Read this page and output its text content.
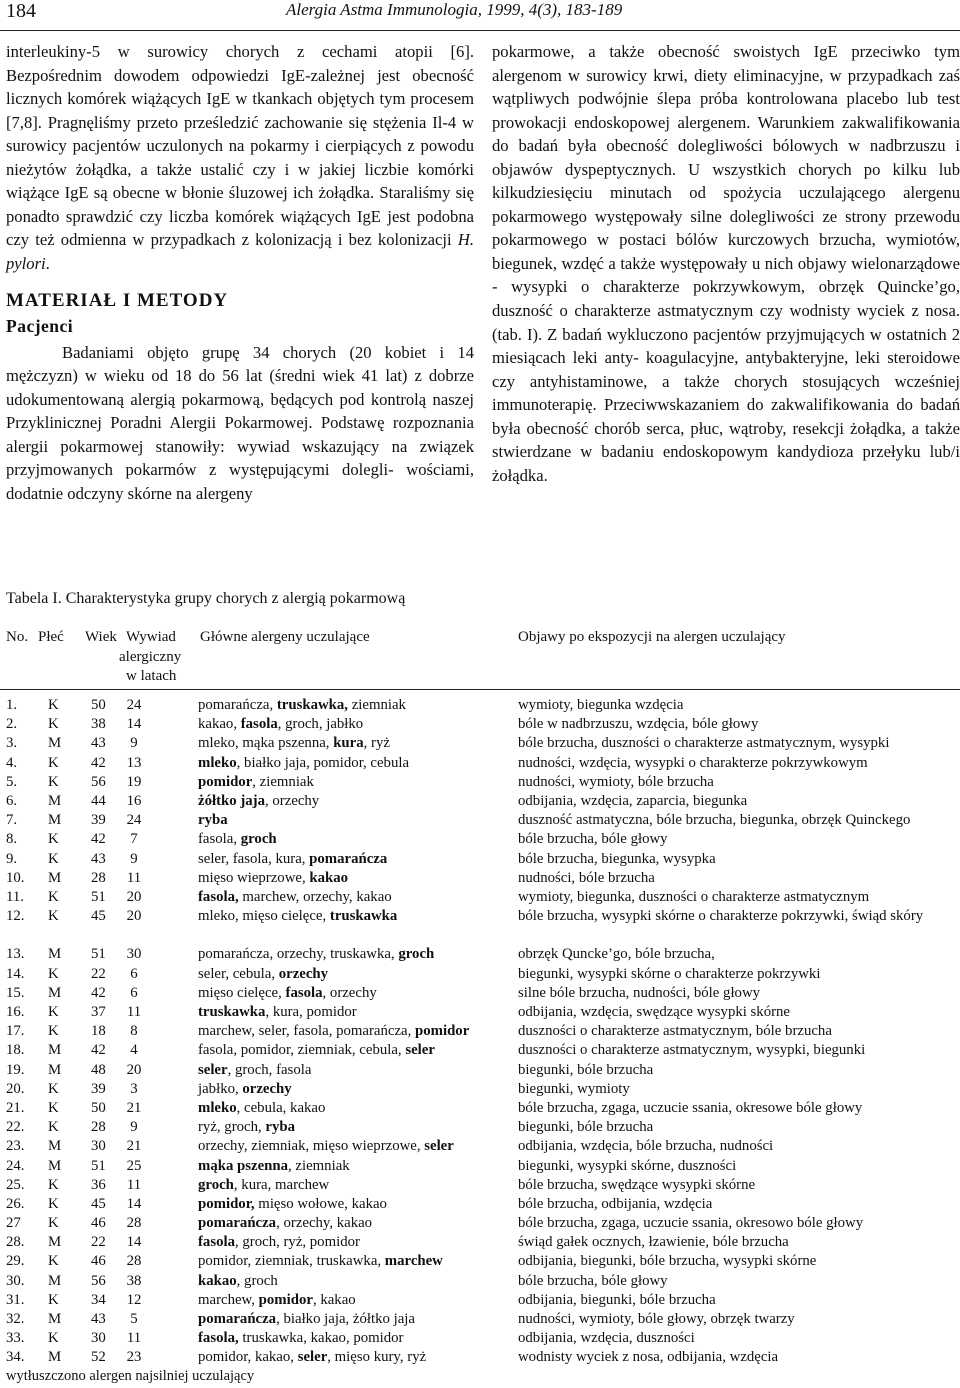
184	Alergia Astma Immunologia, 1999, 4(3), 183-189

interleukiny-5 w surowicy chorych z cechami atopii [6]. Bezpośrednim dowodem odpowiedzi IgE-zależnej jest obecność licznych komórek wiążących IgE w tkankach objętych tym procesem [7,8]. Pragnęliśmy przeto prześledzić zachowanie się stężenia Il-4 w surowicy pacjentów uczulonych na pokarmy i cierpiących z powodu nieżytów żołądka, a także ustalić czy i w jakiej liczbie komórki wiążące IgE są obecne w błonie śluzowej ich żołądka. Staraliśmy się ponadto sprawdzić czy liczba komórek wiążących IgE jest podobna czy też odmienna w przypadkach z kolonizacją i bez kolonizacji H. pylori.

MATERIAŁ I METODY

Pacjenci

Badaniami objęto grupę 34 chorych (20 kobiet i 14 mężczyzn) w wieku od 18 do 56 lat (średni wiek 41 lat) z dobrze udokumentowaną alergią pokarmową, będących pod kontrolą naszej Przyklinicznej Poradni Alergii Pokarmowej. Podstawę rozpoznania alergii pokarmowej stanowiły: wywiad wskazujący na związek przyjmowanych pokarmów z występującymi dolegli- wościami, dodatnie odczyny skórne na alergeny

pokarmowe, a także obecność swoistych IgE przeciwko tym alergenom w surowicy krwi, diety eliminacyjne, w przypadkach zaś wątpliwych podwójnie ślepa próba kontrolowana placebo lub test prowokacji endoskopowej alergenem. Warunkiem zakwalifikowania do badań była obecność dolegliwości bólowych w nadbrzuszu i objawów dyspeptycznych. U wszystkich chorych po kilku lub kilkudziesięciu minutach od spożycia uczulającego alergenu pokarmowego występowały silne dolegliwości ze strony przewodu pokarmowego w postaci bólów kurczowych brzucha, wymiotów, biegunek, wzdęć a także występowały u nich objawy wielonarządowe - wysypki o charakterze pokrzywkowym, obrzęk Quincke’go, duszność o charakterze astmatycznym czy wodnisty wyciek z nosa. (tab. I). Z badań wykluczono pacjentów przyjmujących w ostatnich 2 miesiącach leki anty- koagulacyjne, antybakteryjne, leki steroidowe czy antyhistaminowe, a także chorych stosujących wcześniej immunoterapię. Przeciwwskazaniem do zakwalifikowania do badań była obecność chorób serca, płuc, wątroby, resekcji żołądka, a także stwierdzane w badaniu endoskopowym kandydioza przełyku lub/i żołądka.

Tabela I. Charakterystyka grupy chorych z alergią pokarmową
No. Płeć Wiek Wywiad
alergiczny
w latach
Główne alergeny uczulające	Objawy po ekspozycji na alergen uczulający
1. K 50	24	pomarańcza, truskawka, ziemniak	wymioty, biegunka wzdęcia
2. K 38	14	kakao, fasola, groch, jabłko	bóle w nadbrzuszu, wzdęcia, bóle głowy
3. M 43	9	mleko, mąka pszenna, kura, ryż	bóle brzucha, duszności o charakterze astmatycznym, wysypki
4. K 42	13	mleko, białko jaja, pomidor, cebula	nudności, wzdęcia, wysypki o charakterze pokrzywkowym
5. K 56	19	pomidor, ziemniak	nudności, wymioty, bóle brzucha
6. M 44	16	żółtko jaja, orzechy	odbijania, wzdęcia, zaparcia, biegunka
7. M 39	24	ryba	duszność astmatyczna, bóle brzucha, biegunka, obrzęk Quinckego
8. K 42	7	fasola, groch	bóle brzucha, bóle głowy
9. K 43	9	seler, fasola, kura, pomarańcza	bóle brzucha, biegunka, wysypka
10. M 28	11	mięso wieprzowe, kakao	nudności, bóle brzucha
11. K 51	20	fasola, marchew, orzechy, kakao	wymioty, biegunka, duszności o charakterze astmatycznym
12. K 45	20	mleko, mięso cielęce, truskawka	bóle brzucha, wysypki skórne o charakterze pokrzywki, świąd skóry
13. M 51	30	pomarańcza, orzechy, truskawka, groch	obrzęk Quncke’go, bóle brzucha,
14. K 22	6	seler, cebula, orzechy	biegunki, wysypki skórne o charakterze pokrzywki
15. M 42	6	mięso cielęce, fasola, orzechy	silne bóle brzucha, nudności, bóle głowy
16. K 37	11	truskawka, kura, pomidor	odbijania, wzdęcia, swędzące wysypki skórne
17. K 18	8	marchew, seler, fasola, pomarańcza, pomidor	duszności o charakterze astmatycznym, bóle brzucha
18. M 42	4	fasola, pomidor, ziemniak, cebula, seler	duszności o charakterze astmatycznym, wysypki, biegunki
19. M 48	20	seler, groch, fasola	biegunki, bóle brzucha
20. K 39	3	jabłko, orzechy	biegunki, wymioty
21. K 50	21	mleko, cebula, kakao	bóle brzucha, zgaga, uczucie ssania, okresowe bóle głowy
22. K 28	9	ryż, groch, ryba	biegunki, bóle brzucha
23. M 30	21	orzechy, ziemniak, mięso wieprzowe, seler	odbijania, wzdęcia, bóle brzucha, nudności
24. M 51	25	mąka pszenna, ziemniak	biegunki, wysypki skórne, duszności
25. K 36	11	groch, kura, marchew	bóle brzucha, swędzące wysypki skórne
26. K 45	14	pomidor, mięso wołowe, kakao	bóle brzucha, odbijania, wzdęcia
27 K 46	28	pomarańcza, orzechy, kakao	bóle brzucha, zgaga, uczucie ssania, okresowo bóle głowy
28. M 22	14	fasola, groch, ryż, pomidor	świąd gałek ocznych, łzawienie, bóle brzucha
29. K 46	28	pomidor, ziemniak, truskawka, marchew	odbijania, biegunki, bóle brzucha, wysypki skórne
30. M 56	38	kakao, groch	bóle brzucha, bóle głowy
31. K 34	12	marchew, pomidor, kakao	odbijania, biegunki, bóle brzucha
32. M 43	5	pomarańcza, białko jaja, żółtko jaja	nudności, wymioty, bóle głowy, obrzęk twarzy
33. K 30	11	fasola, truskawka, kakao, pomidor	odbijania, wzdęcia, duszności
34. M 52	23	pomidor, kakao, seler, mięso kury, ryż	wodnisty wyciek z nosa, odbijania, wzdęcia
wytłuszczono alergen najsilniej uczulający
